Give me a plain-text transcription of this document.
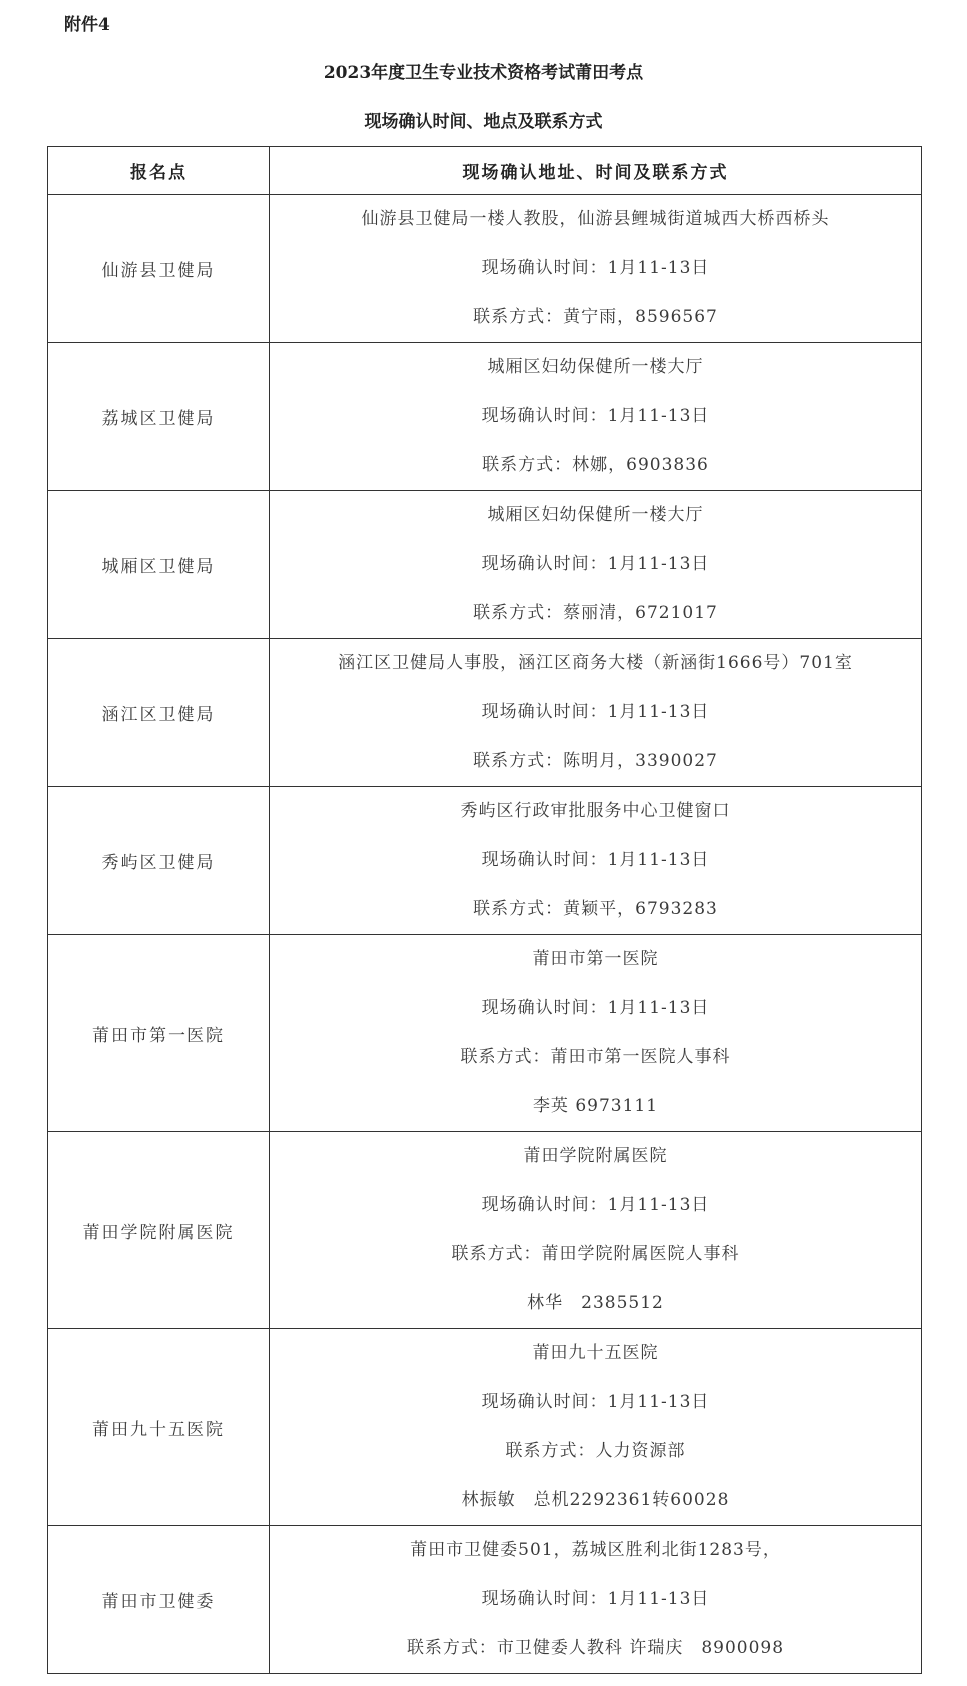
附件4
2023年度卫生专业技术资格考试莆田考点
现场确认时间、地点及联系方式
报名点	现场确认地址、时间及联系方式
仙游县卫健局	仙游县卫健局一楼人教股，仙游县鲤城街道城西大桥西桥头
现场确认时间：1月11-13日
联系方式：黄宁雨，8596567

荔城区卫健局	城厢区妇幼保健所一楼大厅
现场确认时间：1月11-13日
联系方式：林娜，6903836

城厢区卫健局	城厢区妇幼保健所一楼大厅
现场确认时间：1月11-13日
联系方式：蔡丽清，6721017

涵江区卫健局	涵江区卫健局人事股，涵江区商务大楼（新涵街1666号）701室
现场确认时间：1月11-13日
联系方式：陈明月，3390027

秀屿区卫健局	秀屿区行政审批服务中心卫健窗口
现场确认时间：1月11-13日
联系方式：黄颖平，6793283

莆田市第一医院	莆田市第一医院
现场确认时间：1月11-13日
联系方式：莆田市第一医院人事科
李英 6973111

莆田学院附属医院	莆田学院附属医院
现场确认时间：1月11-13日
联系方式：莆田学院附属医院人事科
林华　2385512

莆田九十五医院	莆田九十五医院
现场确认时间：1月11-13日
联系方式：人力资源部
林振敏　总机2292361转60028

莆田市卫健委	莆田市卫健委501，荔城区胜利北街1283号，
现场确认时间：1月11-13日
联系方式：市卫健委人教科 许瑞庆　8900098
